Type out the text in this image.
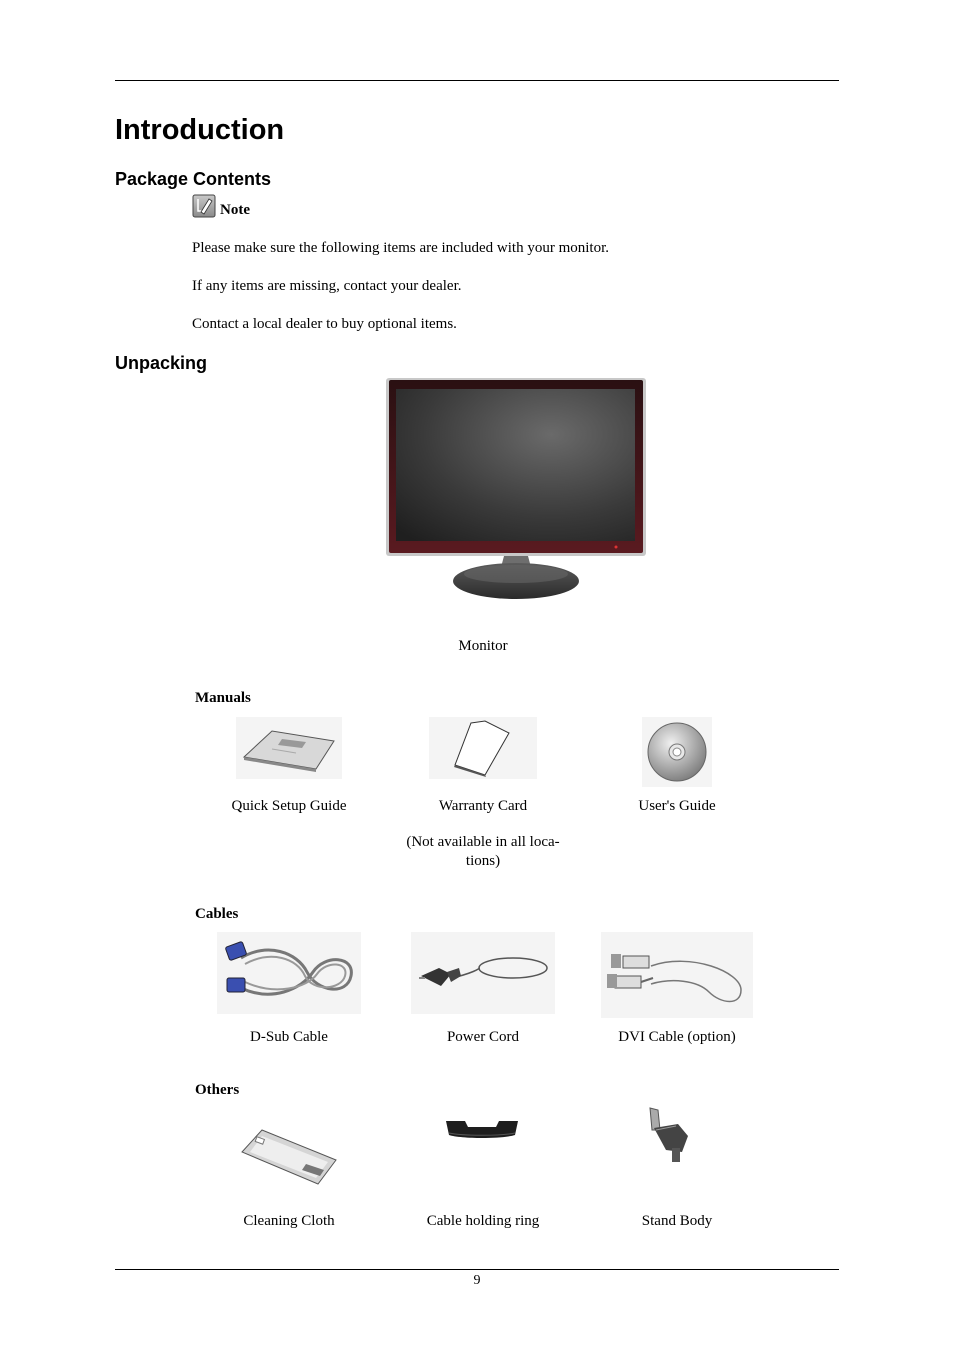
Introduction
Package Contents
Note

Please make sure the following items are included with your monitor.

If any items are missing, contact your dealer.

Contact a local dealer to buy optional items.

Unpacking
Monitor
Manuals
Quick Setup Guide	Warranty Card	User's Guide
(Not available in all loca-
tions)
Cables
D-Sub Cable	Power Cord	DVI Cable (option)
Others
Cleaning Cloth	Cable holding ring	Stand Body
9
